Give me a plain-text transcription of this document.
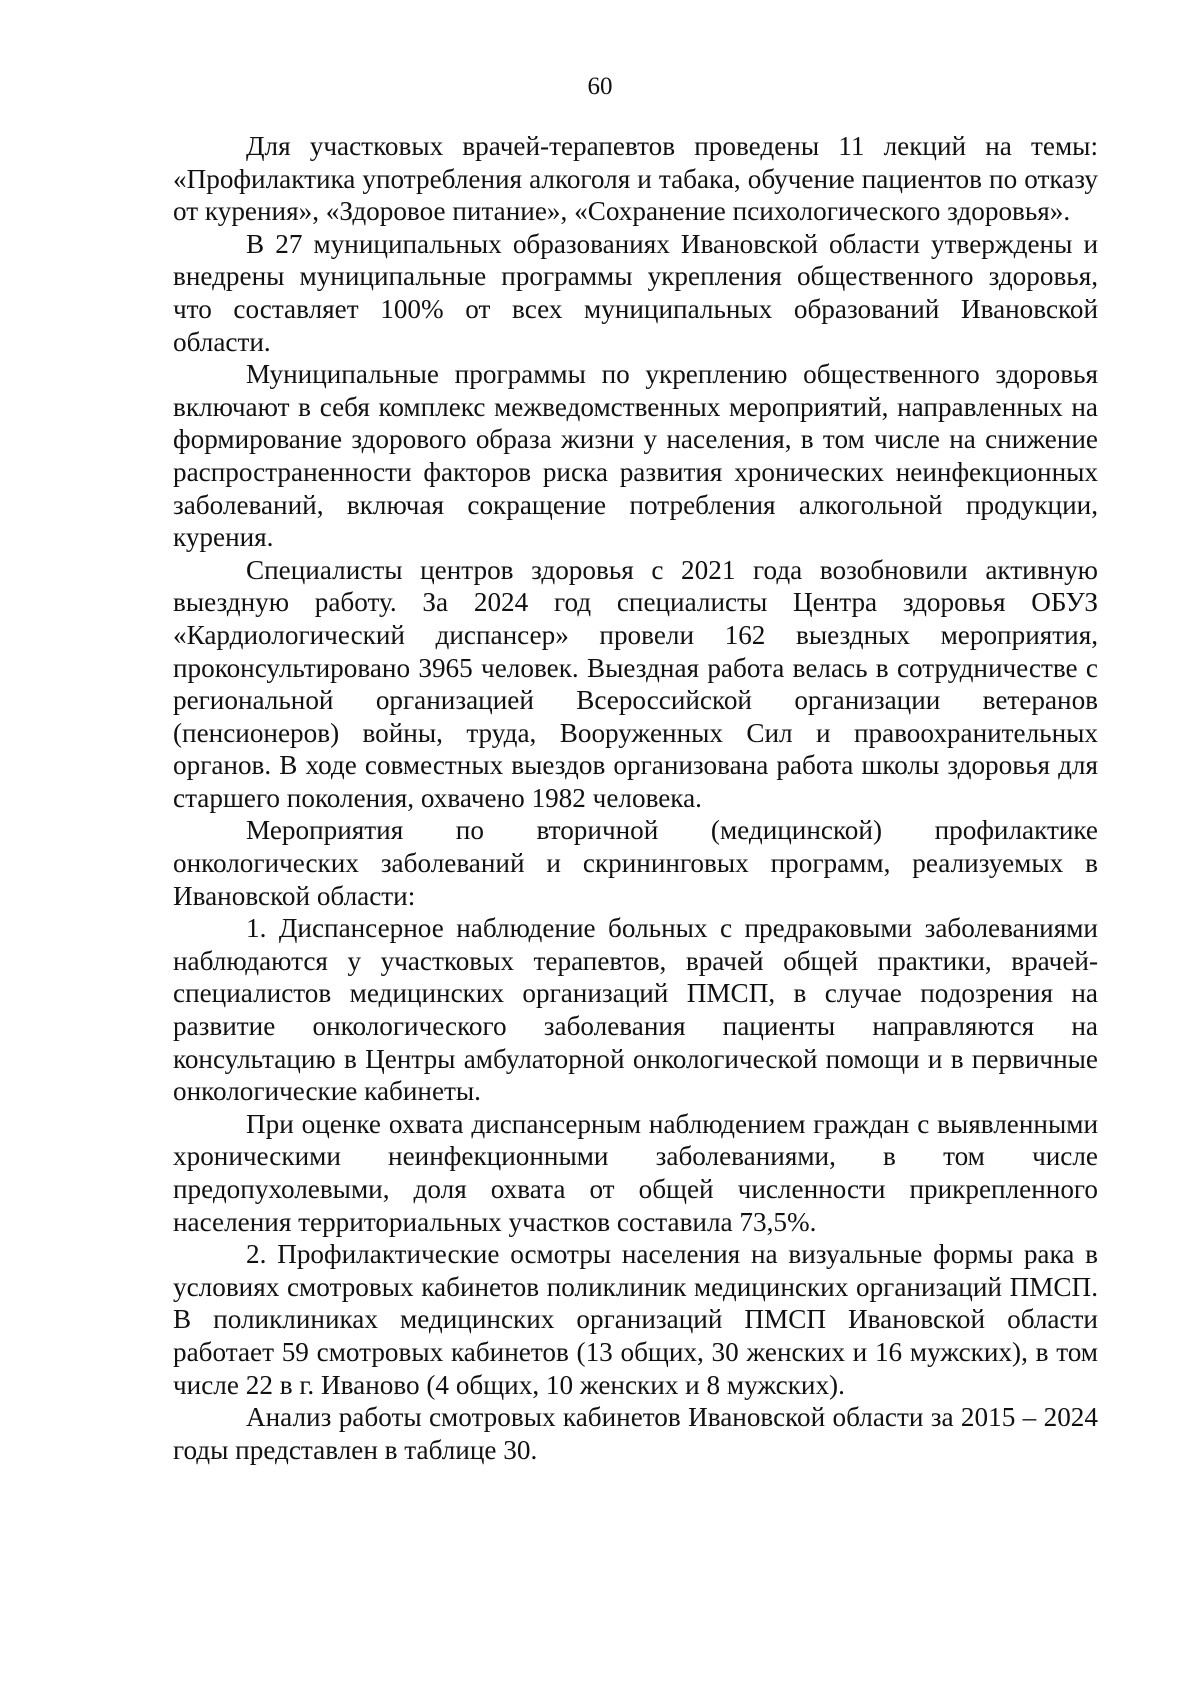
60

Для участковых врачей-терапевтов проведены 11 лекций на темы: «Профилактика употребления алкоголя и табака, обучение пациентов по отказу от курения», «Здоровое питание», «Сохранение психологического здоровья».

В 27 муниципальных образованиях Ивановской области утверждены и внедрены муниципальные программы укрепления общественного здоровья, что составляет 100% от всех муниципальных образований Ивановской области.

Муниципальные программы по укреплению общественного здоровья включают в себя комплекс межведомственных мероприятий, направленных на формирование здорового образа жизни у населения, в том числе на снижение распространенности факторов риска развития хронических неинфекционных заболеваний, включая сокращение потребления алкогольной продукции, курения.

Специалисты центров здоровья с 2021 года возобновили активную выездную работу. За 2024 год специалисты Центра здоровья ОБУЗ «Кардиологический диспансер» провели 162 выездных мероприятия, проконсультировано 3965 человек. Выездная работа велась в сотрудничестве с региональной организацией Всероссийской организации ветеранов (пенсионеров) войны, труда, Вооруженных Сил и правоохранительных органов. В ходе совместных выездов организована работа школы здоровья для старшего поколения, охвачено 1982 человека.

Мероприятия по вторичной (медицинской) профилактике онкологических заболеваний и скрининговых программ, реализуемых в Ивановской области:

1. Диспансерное наблюдение больных с предраковыми заболеваниями наблюдаются у участковых терапевтов, врачей общей практики, врачей-специалистов медицинских организаций ПМСП, в случае подозрения на развитие онкологического заболевания пациенты направляются на консультацию в Центры амбулаторной онкологической помощи и в первичные онкологические кабинеты.

При оценке охвата диспансерным наблюдением граждан с выявленными хроническими неинфекционными заболеваниями, в том числе предопухолевыми, доля охвата от общей численности прикрепленного населения территориальных участков составила 73,5%.

2. Профилактические осмотры населения на визуальные формы рака в условиях смотровых кабинетов поликлиник медицинских организаций ПМСП. В поликлиниках медицинских организаций ПМСП Ивановской области работает 59 смотровых кабинетов (13 общих, 30 женских и 16 мужских), в том числе 22 в г. Иваново (4 общих, 10 женских и 8 мужских).

Анализ работы смотровых кабинетов Ивановской области за 2015 – 2024 годы представлен в таблице 30.
